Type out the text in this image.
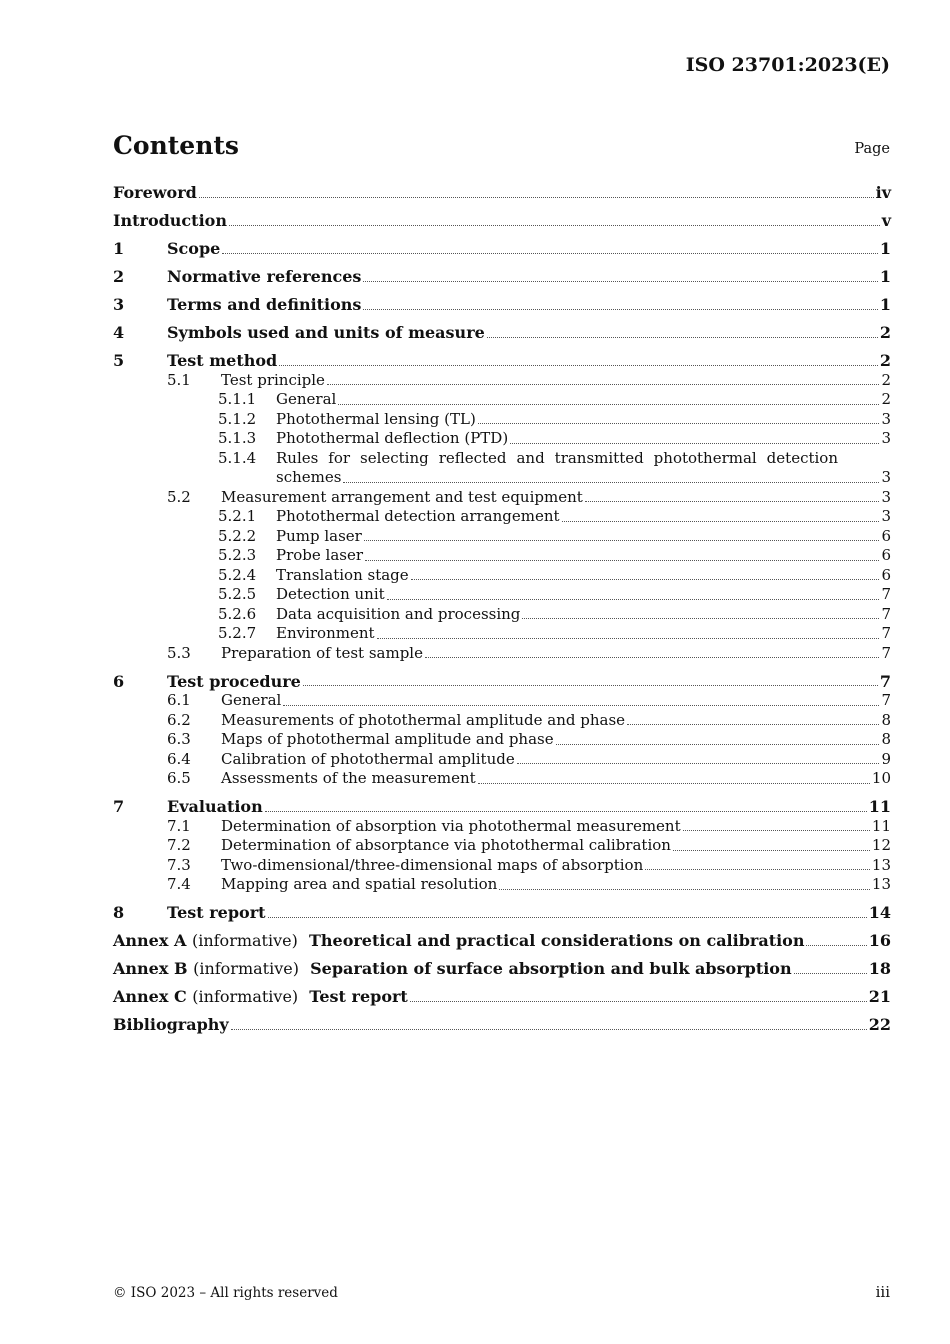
ISO 23701:2023(E)
Contents	Page
Foreword	iv
Introduction	v
1	Scope	1
2	Normative references	1
3	Terms and definitions	1
4	Symbols used and units of measure	2
5	Test method	2
5.1	Test principle	2
5.1.1	General	2
5.1.2	Photothermal lensing (TL)	3
5.1.3	Photothermal deflection (PTD)	3
5.1.4	Rules for selecting reflected and transmitted photothermal detection
schemes	3
5.2	Measurement arrangement and test equipment	3
5.2.1	Photothermal detection arrangement	3
5.2.2	Pump laser	6
5.2.3	Probe laser	6
5.2.4	Translation stage	6
5.2.5	Detection unit	7
5.2.6	Data acquisition and processing	7
5.2.7	Environment	7
5.3	Preparation of test sample	7
6	Test procedure	7
6.1	General	7
6.2	Measurements of photothermal amplitude and phase	8
6.3	Maps of photothermal amplitude and phase	8
6.4	Calibration of photothermal amplitude	9
6.5	Assessments of the measurement	10
7	Evaluation	11
7.1	Determination of absorption via photothermal measurement	11
7.2	Determination of absorptance via photothermal calibration	12
7.3	Two-dimensional/three-dimensional maps of absorption	13
7.4	Mapping area and spatial resolution	13
8	Test report	14
Annex A (informative) Theoretical and practical considerations on calibration	16
Annex B (informative) Separation of surface absorption and bulk absorption	18
Annex C (informative) Test report	21
Bibliography	22
© ISO 2023 – All rights reserved	iii
